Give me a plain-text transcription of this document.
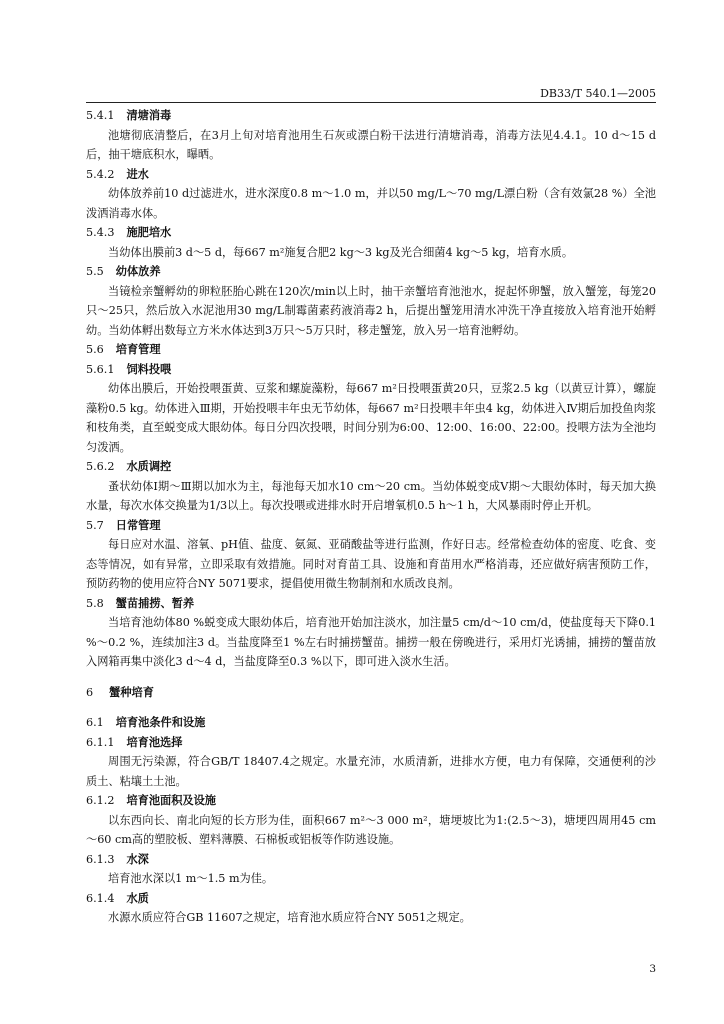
DB33/T 540.1—2005
5.4.1 清塘消毒

池塘彻底清整后，在3月上旬对培育池用生石灰或漂白粉干法进行清塘消毒，消毒方法见4.4.1。10 d～15 d后，抽干塘底积水，曝晒。

5.4.2 进水

幼体放养前10 d过滤进水，进水深度0.8 m～1.0 m，并以50 mg/L～70 mg/L漂白粉（含有效氯28 %）全池泼洒消毒水体。

5.4.3 施肥培水

当幼体出膜前3 d～5 d，每667 m²施复合肥2 kg～3 kg及光合细菌4 kg～5 kg，培育水质。

5.5 幼体放养

当镜检亲蟹孵幼的卵粒胚胎心跳在120次/min以上时，抽干亲蟹培育池池水，捉起怀卵蟹，放入蟹笼，每笼20只～25只，然后放入水泥池用30 mg/L制霉菌素药液消毒2 h，后提出蟹笼用清水冲洗干净直接放入培育池开始孵幼。当幼体孵出数每立方米水体达到3万只～5万只时，移走蟹笼，放入另一培育池孵幼。

5.6 培育管理
5.6.1 饲料投喂

幼体出膜后，开始投喂蛋黄、豆浆和螺旋藻粉，每667 m²日投喂蛋黄20只，豆浆2.5 kg（以黄豆计算），螺旋藻粉0.5 kg。幼体进入Ⅲ期，开始投喂丰年虫无节幼体，每667 m²日投喂丰年虫4 kg，幼体进入Ⅳ期后加投鱼肉浆和枝角类，直至蜕变成大眼幼体。每日分四次投喂，时间分别为6:00、12:00、16:00、22:00。投喂方法为全池均匀泼洒。

5.6.2 水质调控

蚤状幼体Ⅰ期～Ⅲ期以加水为主，每池每天加水10 cm～20 cm。当幼体蜕变成Ⅴ期～大眼幼体时，每天加大换水量，每次水体交换量为1/3以上。每次投喂或进排水时开启增氧机0.5 h～1 h，大风暴雨时停止开机。

5.7 日常管理

每日应对水温、溶氧、pH值、盐度、氨氮、亚硝酸盐等进行监测，作好日志。经常检查幼体的密度、吃食、变态等情况，如有异常，立即采取有效措施。同时对育苗工具、设施和育苗用水严格消毒，还应做好病害预防工作，预防药物的使用应符合NY 5071要求，提倡使用微生物制剂和水质改良剂。

5.8 蟹苗捕捞、暂养

当培育池幼体80 %蜕变成大眼幼体后，培育池开始加注淡水，加注量5 cm/d～10 cm/d，使盐度每天下降0.1 %～0.2 %，连续加注3 d。当盐度降至1 %左右时捕捞蟹苗。捕捞一般在傍晚进行，采用灯光诱捕，捕捞的蟹苗放入网箱再集中淡化3 d～4 d，当盐度降至0.3 %以下，即可进入淡水生活。

6 蟹种培育
6.1 培育池条件和设施
6.1.1 培育池选择

周围无污染源，符合GB/T 18407.4之规定。水量充沛，水质清新，进排水方便，电力有保障，交通便利的沙质土、粘壤土土池。

6.1.2 培育池面积及设施

以东西向长、南北向短的长方形为佳，面积667 m²～3 000 m²，塘埂坡比为1:(2.5～3)，塘埂四周用45 cm～60 cm高的塑胶板、塑料薄膜、石棉板或铝板等作防逃设施。

6.1.3 水深

培育池水深以1 m～1.5 m为佳。

6.1.4 水质

水源水质应符合GB 11607之规定，培育池水质应符合NY 5051之规定。

3
